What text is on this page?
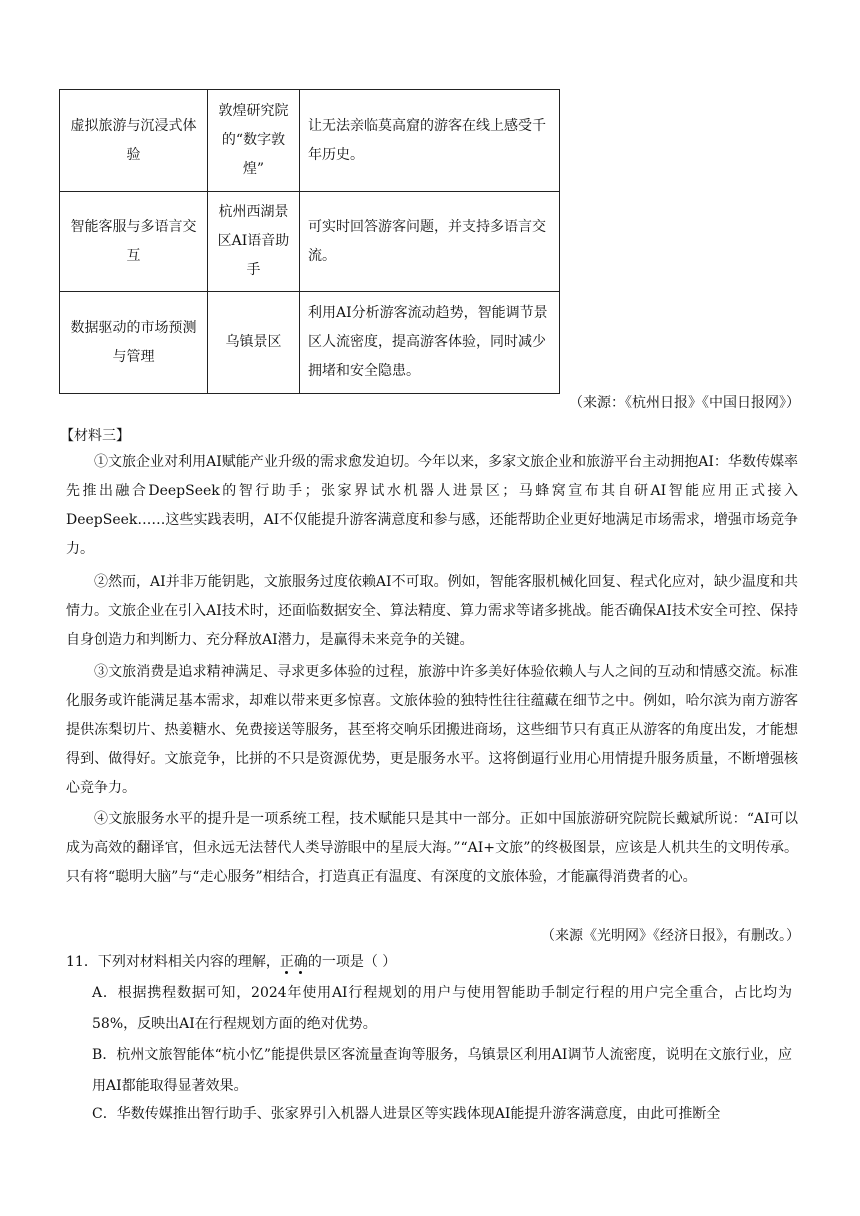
虚拟旅游与沉浸式体验	敦煌研究院的“数字敦煌”	让无法亲临莫高窟的游客在线上感受千年历史。
智能客服与多语言交互	杭州西湖景区AI语音助手	可实时回答游客问题，并支持多语言交流。
数据驱动的市场预测与管理	乌镇景区	利用AI分析游客流动趋势，智能调节景区人流密度，提高游客体验，同时减少拥堵和安全隐患。
（来源：《杭州日报》《中国日报网》）
【材料三】

①文旅企业对利用AI赋能产业升级的需求愈发迫切。今年以来，多家文旅企业和旅游平台主动拥抱AI：华数传媒率先推出融合DeepSeek的智行助手；张家界试水机器人进景区；马蜂窝宣布其自研AI智能应用正式接入DeepSeek……这些实践表明，AI不仅能提升游客满意度和参与感，还能帮助企业更好地满足市场需求，增强市场竞争力。

②然而，AI并非万能钥匙，文旅服务过度依赖AI不可取。例如，智能客服机械化回复、程式化应对，缺少温度和共情力。文旅企业在引入AI技术时，还面临数据安全、算法精度、算力需求等诸多挑战。能否确保AI技术安全可控、保持自身创造力和判断力、充分释放AI潜力，是赢得未来竞争的关键。

③文旅消费是追求精神满足、寻求更多体验的过程，旅游中许多美好体验依赖人与人之间的互动和情感交流。标准化服务或许能满足基本需求，却难以带来更多惊喜。文旅体验的独特性往往蕴藏在细节之中。例如，哈尔滨为南方游客提供冻梨切片、热姜糖水、免费接送等服务，甚至将交响乐团搬进商场，这些细节只有真正从游客的角度出发，才能想得到、做得好。文旅竞争，比拼的不只是资源优势，更是服务水平。这将倒逼行业用心用情提升服务质量，不断增强核心竞争力。

④文旅服务水平的提升是一项系统工程，技术赋能只是其中一部分。正如中国旅游研究院院长戴斌所说：“AI可以成为高效的翻译官，但永远无法替代人类导游眼中的星辰大海。”“AI+文旅”的终极图景，应该是人机共生的文明传承。只有将“聪明大脑”与“走心服务”相结合，打造真正有温度、有深度的文旅体验，才能赢得消费者的心。

（来源《光明网》《经济日报》，有删改。）
11．下列对材料相关内容的理解，正确的一项是（ ）
A．根据携程数据可知，2024年使用AI行程规划的用户与使用智能助手制定行程的用户完全重合，占比均为58%，反映出AI在行程规划方面的绝对优势。
B．杭州文旅智能体“杭小忆”能提供景区客流量查询等服务，乌镇景区利用AI调节人流密度，说明在文旅行业，应用AI都能取得显著效果。
C．华数传媒推出智行助手、张家界引入机器人进景区等实践体现AI能提升游客满意度，由此可推断全
